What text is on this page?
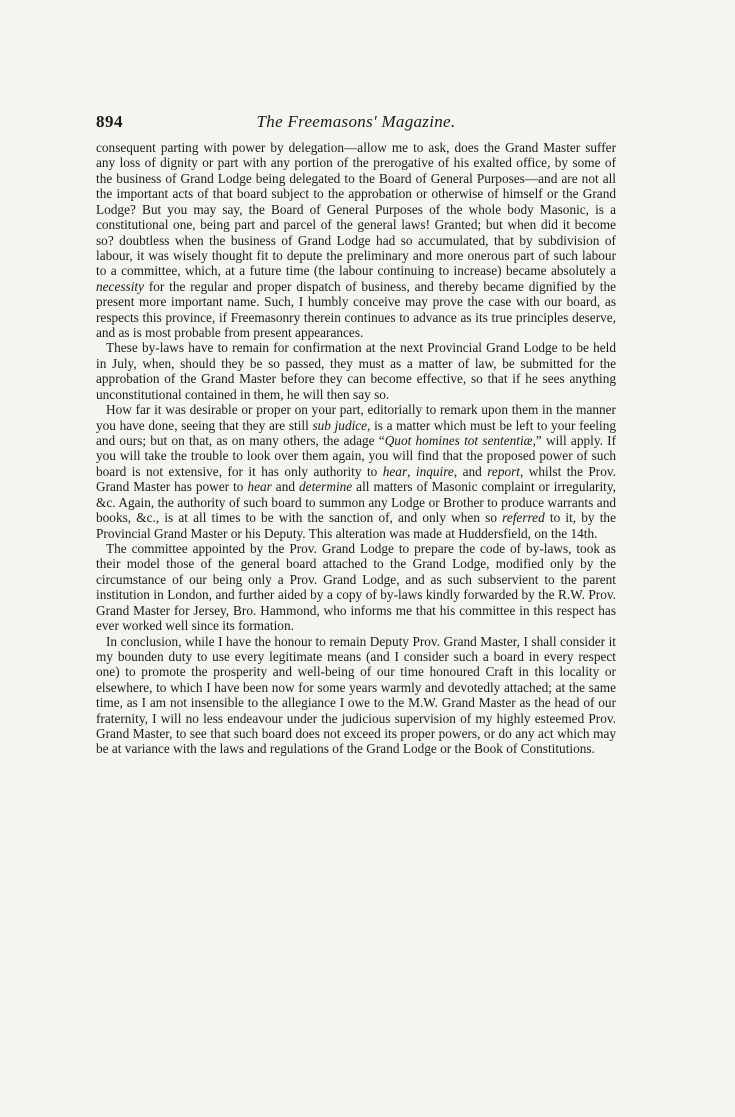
894	The Freemasons' Magazine.

consequent parting with power by delegation—allow me to ask, does the Grand Master suffer any loss of dignity or part with any portion of the prerogative of his exalted office, by some of the business of Grand Lodge being delegated to the Board of General Purposes—and are not all the important acts of that board subject to the approbation or otherwise of himself or the Grand Lodge? But you may say, the Board of General Purposes of the whole body Masonic, is a constitutional one, being part and parcel of the general laws! Granted; but when did it become so? doubtless when the business of Grand Lodge had so accumulated, that by subdivision of labour, it was wisely thought fit to depute the preliminary and more onerous part of such labour to a committee, which, at a future time (the labour continuing to increase) became absolutely a necessity for the regular and proper dispatch of business, and thereby became dignified by the present more important name. Such, I humbly conceive may prove the case with our board, as respects this province, if Freemasonry therein continues to advance as its true principles deserve, and as is most probable from present appearances.

These by-laws have to remain for confirmation at the next Provincial Grand Lodge to be held in July, when, should they be so passed, they must as a matter of law, be submitted for the approbation of the Grand Master before they can become effective, so that if he sees anything unconstitutional contained in them, he will then say so.

How far it was desirable or proper on your part, editorially to remark upon them in the manner you have done, seeing that they are still sub judice, is a matter which must be left to your feeling and ours; but on that, as on many others, the adage “Quot homines tot sententiæ,” will apply. If you will take the trouble to look over them again, you will find that the proposed power of such board is not extensive, for it has only authority to hear, inquire, and report, whilst the Prov. Grand Master has power to hear and determine all matters of Masonic complaint or irregularity, &c. Again, the authority of such board to summon any Lodge or Brother to produce warrants and books, &c., is at all times to be with the sanction of, and only when so referred to it, by the Provincial Grand Master or his Deputy. This alteration was made at Huddersfield, on the 14th.

The committee appointed by the Prov. Grand Lodge to prepare the code of by-laws, took as their model those of the general board attached to the Grand Lodge, modified only by the circumstance of our being only a Prov. Grand Lodge, and as such subservient to the parent institution in London, and further aided by a copy of by-laws kindly forwarded by the R.W. Prov. Grand Master for Jersey, Bro. Hammond, who informs me that his committee in this respect has ever worked well since its formation.

In conclusion, while I have the honour to remain Deputy Prov. Grand Master, I shall consider it my bounden duty to use every legitimate means (and I consider such a board in every respect one) to promote the prosperity and well-being of our time honoured Craft in this locality or elsewhere, to which I have been now for some years warmly and devotedly attached; at the same time, as I am not insensible to the allegiance I owe to the M.W. Grand Master as the head of our fraternity, I will no less endeavour under the judicious supervision of my highly esteemed Prov. Grand Master, to see that such board does not exceed its proper powers, or do any act which may be at variance with the laws and regulations of the Grand Lodge or the Book of Constitutions.
